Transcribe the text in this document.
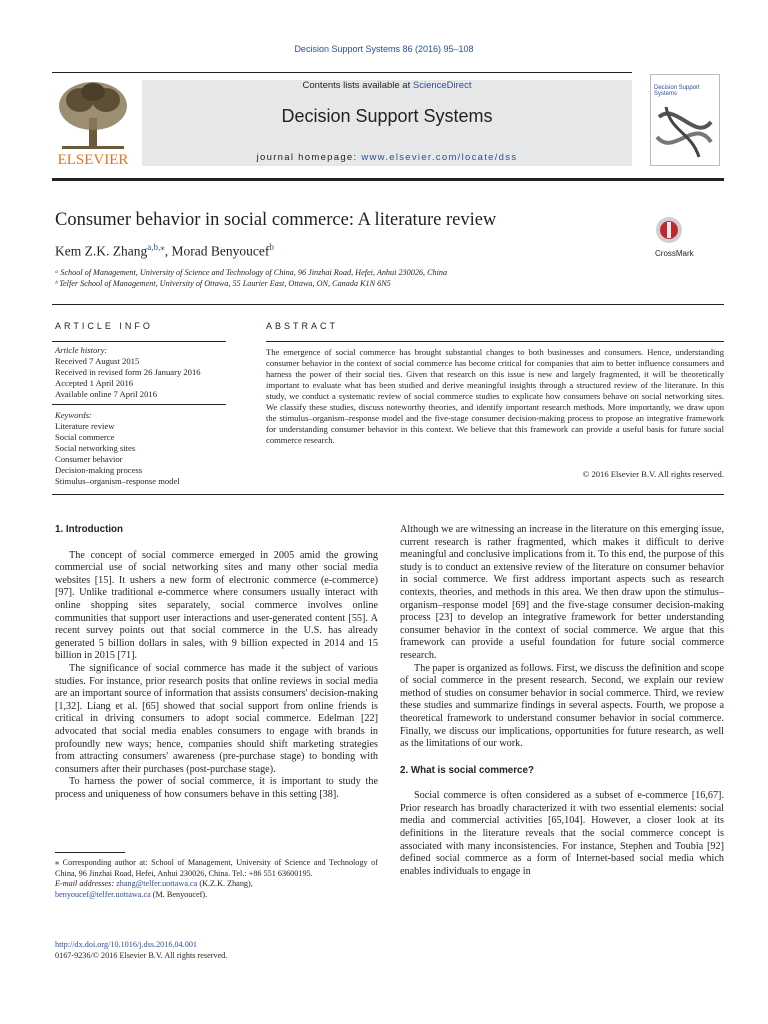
Decision Support Systems 86 (2016) 95–108
ELSEVIER
Contents lists available at ScienceDirect
Decision Support Systems
journal homepage: www.elsevier.com/locate/dss
Decision Support Systems
Consumer behavior in social commerce: A literature review
CrossMark
Kem Z.K. Zhang$^{a,b,⁎}$, Morad Benyoucef$^b$
ᵃ School of Management, University of Science and Technology of China, 96 Jinzhai Road, Hefei, Anhui 230026, China
ᵇ Telfer School of Management, University of Ottawa, 55 Laurier East, Ottawa, ON, Canada K1N 6N5
ARTICLE INFO
Article history:
Received 7 August 2015
Received in revised form 26 January 2016
Accepted 1 April 2016
Available online 7 April 2016
Keywords:
Literature review
Social commerce
Social networking sites
Consumer behavior
Decision-making process
Stimulus–organism–response model
ABSTRACT
The emergence of social commerce has brought substantial changes to both businesses and consumers. Hence, understanding consumer behavior in the context of social commerce has become critical for companies that aim to better influence consumers and harness the power of their social ties. Given that research on this issue is new and largely fragmented, it will be theoretically important to evaluate what has been studied and derive meaningful insights through a structured review of the literature. In this study, we conduct a systematic review of social commerce studies to explicate how consumers behave on social networking sites. We classify these studies, discuss noteworthy theories, and identify important research methods. More importantly, we draw upon the stimulus–organism–response model and the five-stage consumer decision-making process to propose an integrative framework for understanding consumer behavior in this context. We believe that this framework can provide a useful basis for future social commerce research.
© 2016 Elsevier B.V. All rights reserved.
1. Introduction

The concept of social commerce emerged in 2005 amid the growing commercial use of social networking sites and many other social media websites [15]. It ushers a new form of electronic commerce (e-commerce) [97]. Unlike traditional e-commerce where consumers usually interact with online shopping sites separately, social commerce involves online communities that support user interactions and user-generated content [55]. A recent survey points out that social commerce in the U.S. has already generated 5 billion dollars in sales, with 9 billion expected in 2014 and 15 billion in 2015 [71].

The significance of social commerce has made it the subject of various studies. For instance, prior research posits that online reviews in social media are an important source of information that assists consumers' decision-making [1,32]. Liang et al. [65] showed that social support from online friends is critical in driving consumers to adopt social commerce. Edelman [22] advocated that social media enables consumers to engage with brands in profoundly new ways; hence, companies should shift marketing strategies from attracting consumers' awareness (pre-purchase stage) to bonding with consumers after their purchases (post-purchase stage).

To harness the power of social commerce, it is important to study the process and uniqueness of how consumers behave in this setting [38].

⁎ Corresponding author at: School of Management, University of Science and Technology of China, 96 Jinzhai Road, Hefei, Anhui 230026, China. Tel.: +86 551 63600195.
E-mail addresses: zhang@telfer.uottawa.ca (K.Z.K. Zhang),
benyoucef@telfer.uottawa.ca (M. Benyoucef).
http://dx.doi.org/10.1016/j.dss.2016.04.001
0167-9236/© 2016 Elsevier B.V. All rights reserved.

Although we are witnessing an increase in the literature on this emerging issue, current research is rather fragmented, which makes it difficult to derive meaningful and conclusive implications from it. To this end, the purpose of this study is to conduct an extensive review of the literature on consumer behavior in social commerce. We first address important aspects such as research contexts, theories, and methods in this area. We then draw upon the stimulus–organism–response model [69] and the five-stage consumer decision-making process [23] to develop an integrative framework for better understanding consumer behavior in the context of social commerce. We argue that this framework can provide a useful foundation for future social commerce research.

The paper is organized as follows. First, we discuss the definition and scope of social commerce in the present research. Second, we explain our review method of studies on consumer behavior in social commerce. Third, we review these studies and summarize findings in several aspects. Fourth, we propose a theoretical framework to understand consumer behavior in social commerce. Finally, we discuss our implications, opportunities for future research, as well as the limitations of our work.

2. What is social commerce?

Social commerce is often considered as a subset of e-commerce [16,67]. Prior research has broadly characterized it with two essential elements: social media and commercial activities [65,104]. However, a closer look at its definitions in the literature reveals that the social commerce concept is associated with many inconsistencies. For instance, Stephen and Toubia [92] defined social commerce as a form of Internet-based social media which enables individuals to engage in
